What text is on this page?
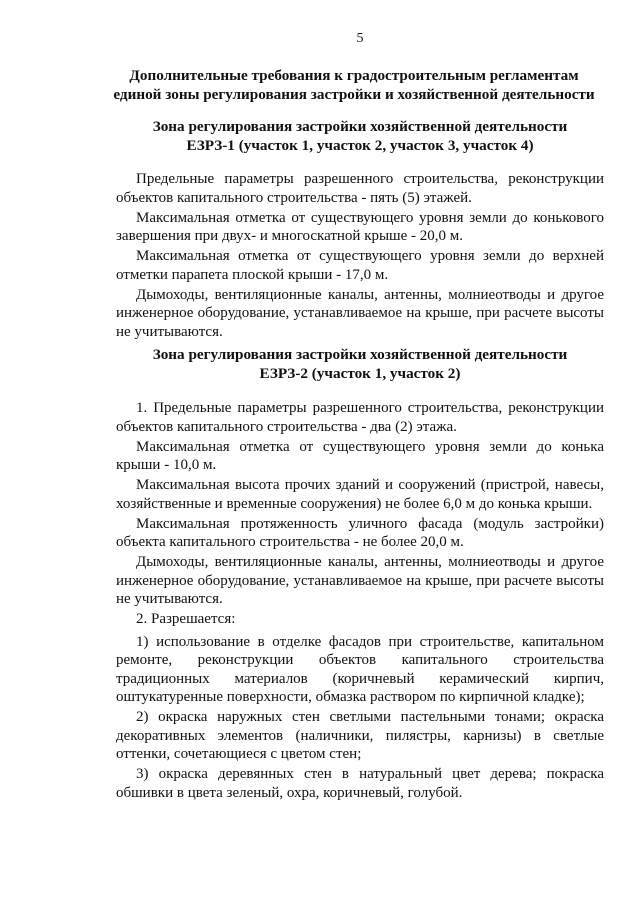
5
Дополнительные требования к градостроительным регламентам
единой зоны регулирования застройки и хозяйственной деятельности
Зона регулирования застройки хозяйственной деятельности
ЕЗРЗ-1 (участок 1, участок 2, участок 3, участок 4)

Предельные параметры разрешенного строительства, реконструкции объектов капитального строительства - пять (5) этажей.

Максимальная отметка от существующего уровня земли до конькового завершения при двух- и многоскатной крыше - 20,0 м.

Максимальная отметка от существующего уровня земли до верхней отметки парапета плоской крыши - 17,0 м.

Дымоходы, вентиляционные каналы, антенны, молниеотводы и другое инженерное оборудование, устанавливаемое на крыше, при расчете высоты не учитываются.

Зона регулирования застройки хозяйственной деятельности
ЕЗРЗ-2 (участок 1, участок 2)

1. Предельные параметры разрешенного строительства, реконструкции объектов капитального строительства - два (2) этажа.

Максимальная отметка от существующего уровня земли до конька крыши - 10,0 м.

Максимальная высота прочих зданий и сооружений (пристрой, навесы, хозяйственные и временные сооружения) не более 6,0 м до конька крыши.

Максимальная протяженность уличного фасада (модуль застройки) объекта капитального строительства - не более 20,0 м.

Дымоходы, вентиляционные каналы, антенны, молниеотводы и другое инженерное оборудование, устанавливаемое на крыше, при расчете высоты не учитываются.

2. Разрешается:

1) использование в отделке фасадов при строительстве, капитальном ремонте, реконструкции объектов капитального строительства традиционных материалов (коричневый керамический кирпич, оштукатуренные поверхности, обмазка раствором по кирпичной кладке);

2) окраска наружных стен светлыми пастельными тонами; окраска декоративных элементов (наличники, пилястры, карнизы) в светлые оттенки, сочетающиеся с цветом стен;

3) окраска деревянных стен в натуральный цвет дерева; покраска обшивки в цвета зеленый, охра, коричневый, голубой.
